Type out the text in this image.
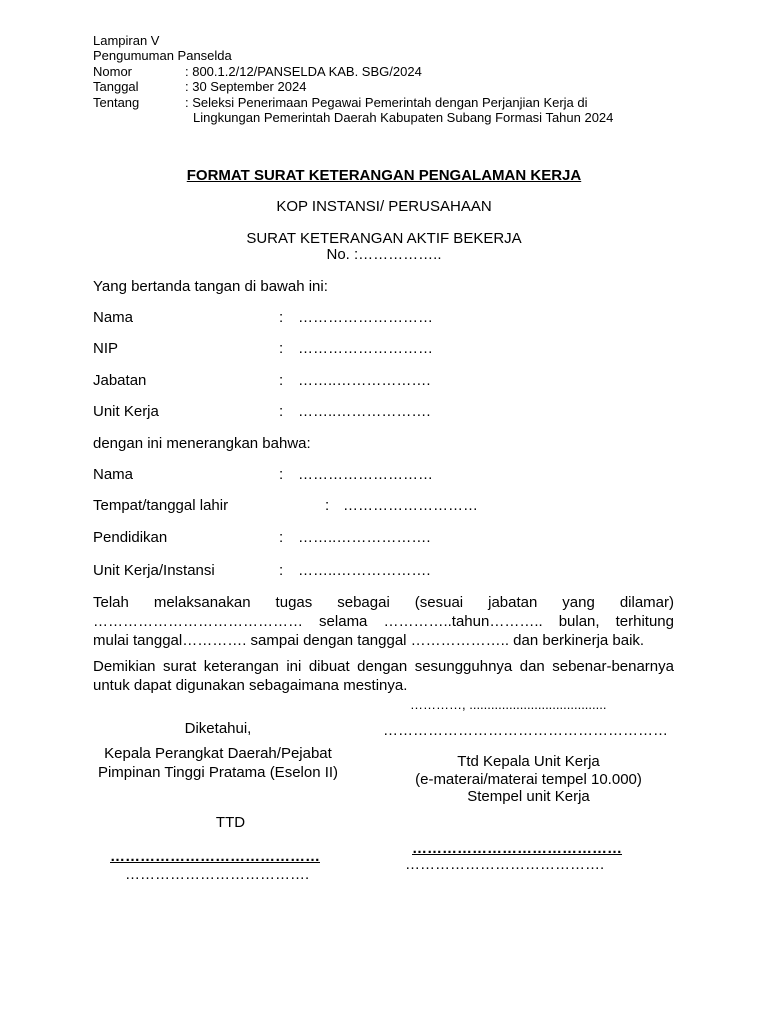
Lampiran V
Pengumuman Panselda
Nomor	: 800.1.2/12/PANSELDA KAB. SBG/2024
Tanggal	: 30 September 2024
Tentang	: Seleksi Penerimaan Pegawai Pemerintah dengan Perjanjian Kerja di
Lingkungan Pemerintah Daerah Kabupaten Subang Formasi Tahun 2024
FORMAT SURAT KETERANGAN PENGALAMAN KERJA
KOP INSTANSI/ PERUSAHAAN
SURAT KETERANGAN AKTIF BEKERJA
No. :……………..
Yang bertanda tangan di bawah ini:
Nama	: ………………………
NIP	: ………………………
Jabatan	: ……..……………….
Unit Kerja	: ……..……………….
dengan ini menerangkan bahwa:
Nama	: ………………………
Tempat/tanggal lahir	: ………………………
Pendidikan	: ……..……………….
Unit Kerja/Instansi	: ……..……………….
Telah melaksanakan tugas sebagai (sesuai jabatan yang dilamar)
…………………………………… selama …………..tahun……….. bulan, terhitung
mulai tanggal…………. sampai dengan tanggal ……………….. dan berkinerja baik.
Demikian surat keterangan ini dibuat dengan sesungguhnya dan sebenar-benarnya
untuk dapat digunakan sebagaimana mestinya.
…………, ......................................
Diketahui,
Kepala Perangkat Daerah/Pejabat
Pimpinan Tinggi Pratama (Eselon II)
TTD
……………………………………
……………………………….
…………………………………………………
Ttd Kepala Unit Kerja
(e-materai/materai tempel 10.000)
Stempel unit Kerja
……………………………………
………………………………….
